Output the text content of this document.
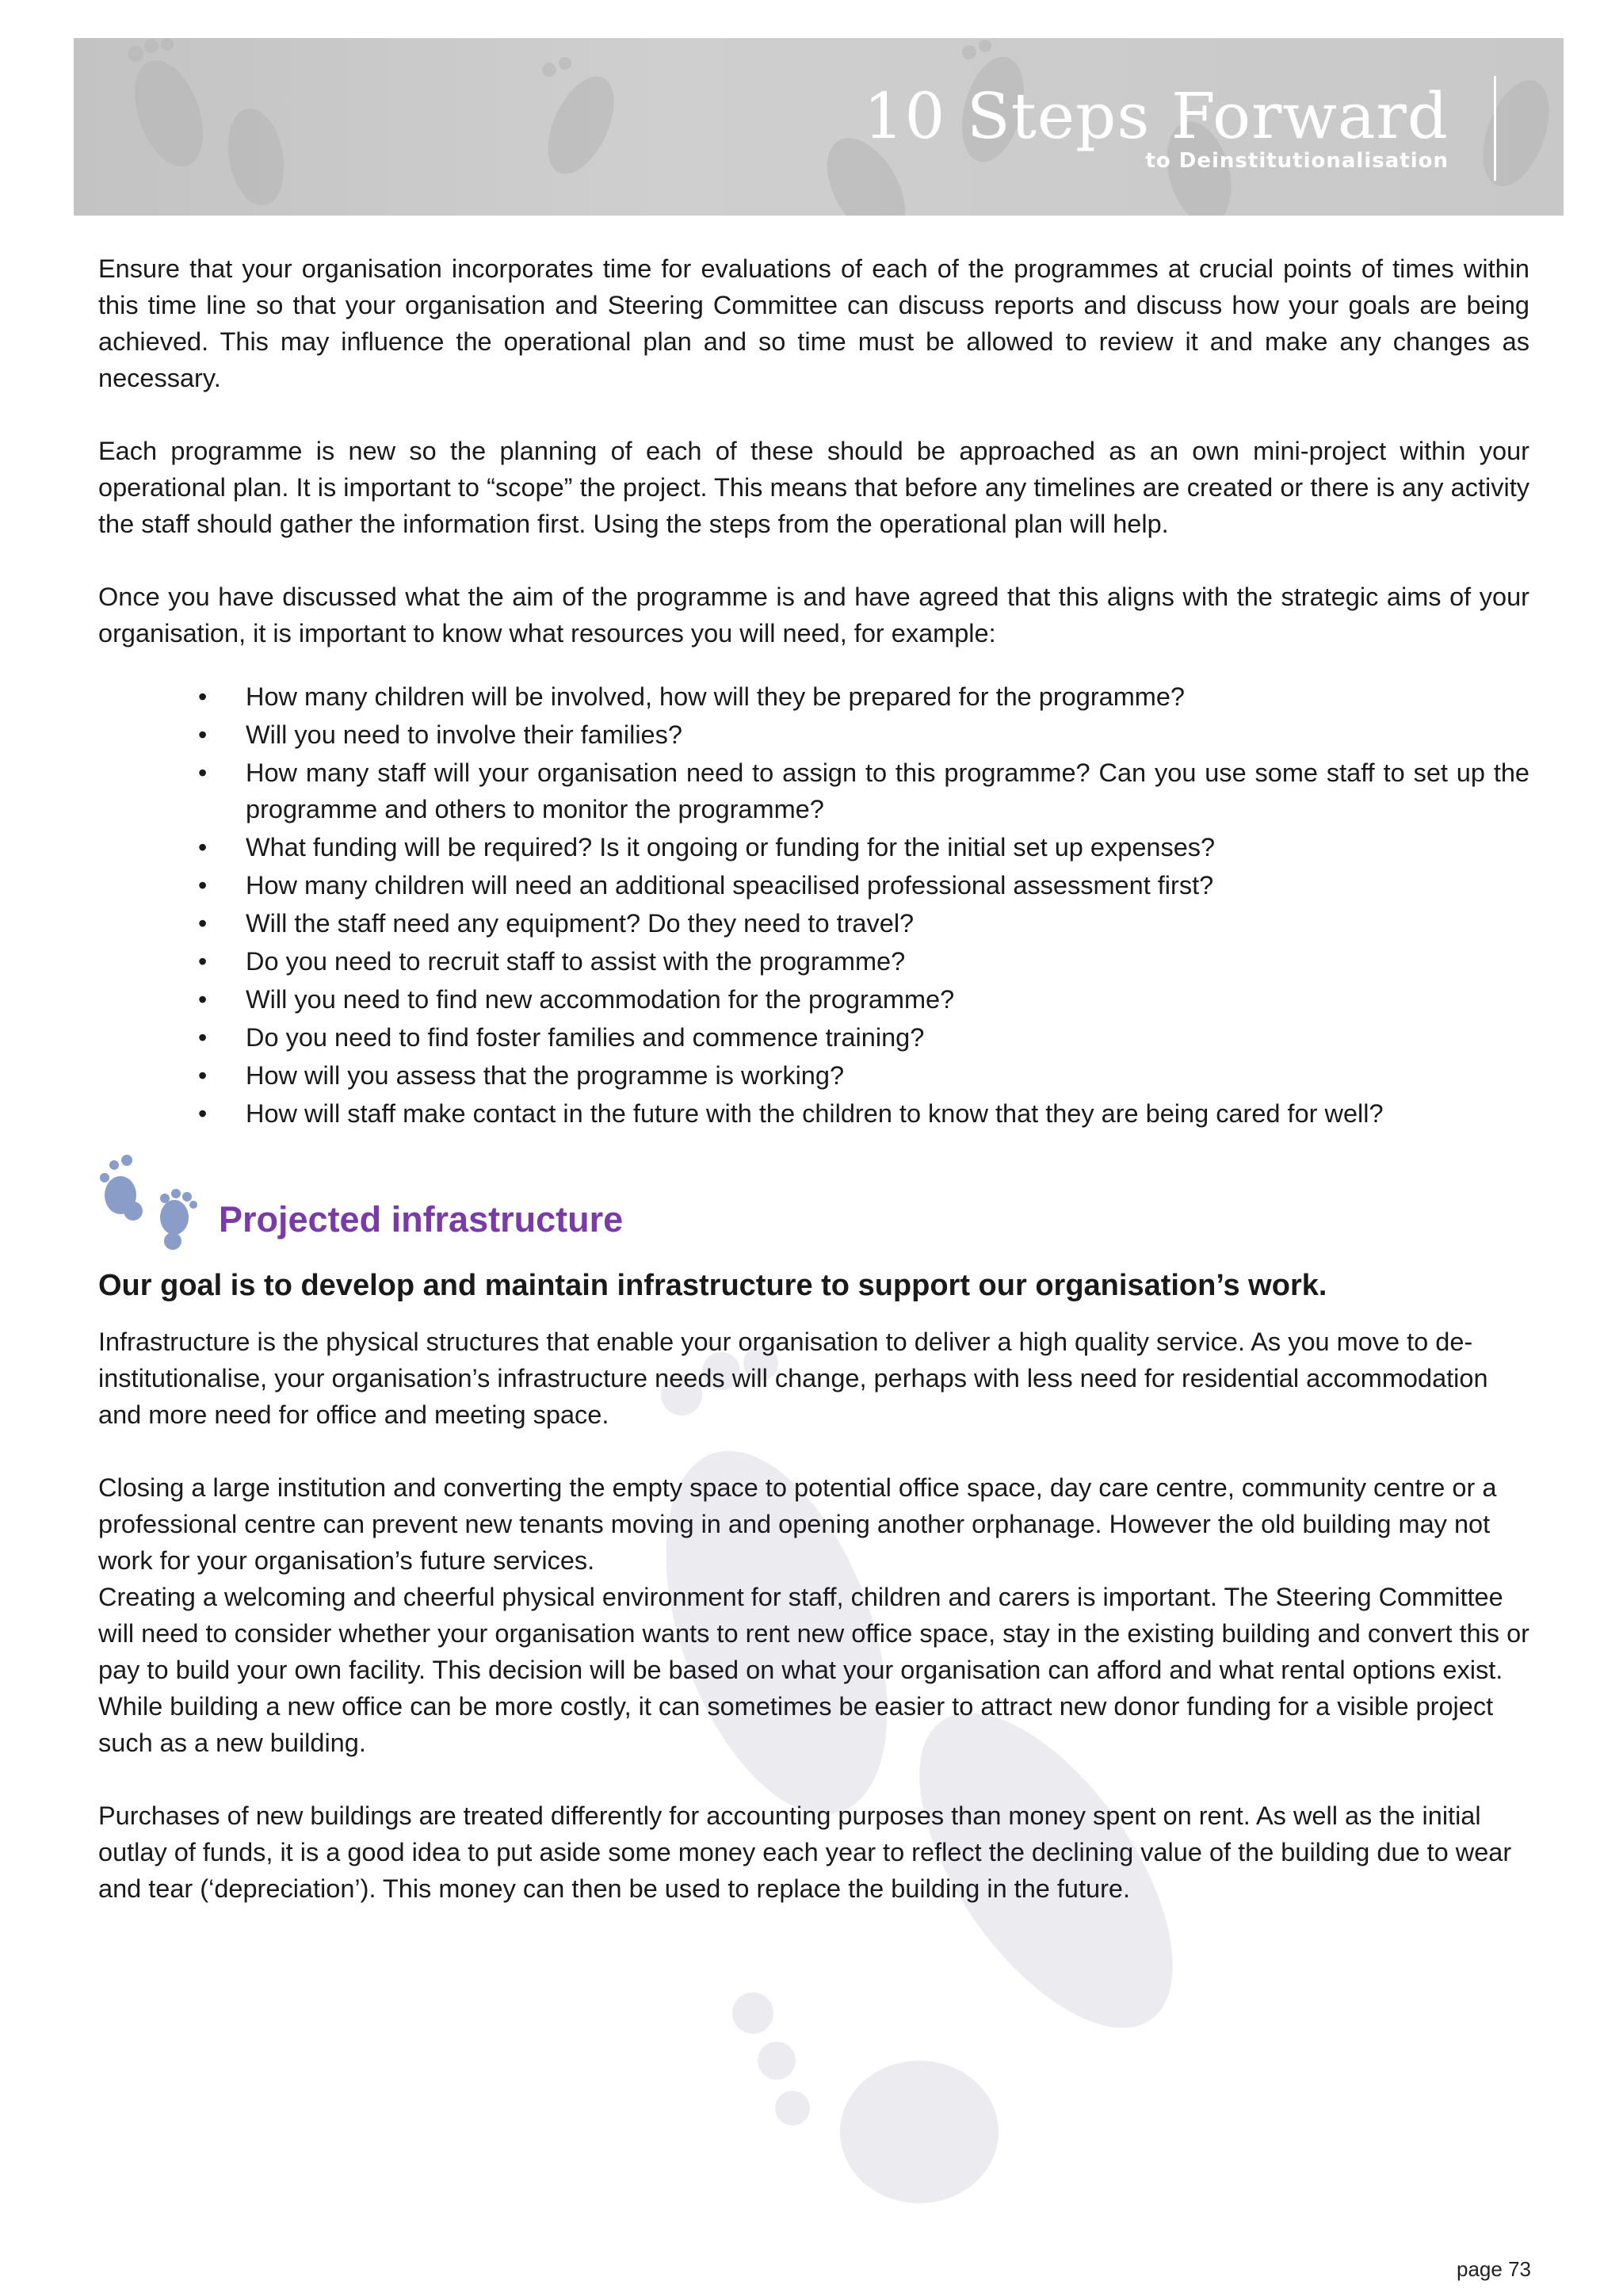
10 Steps Forward
to Deinstitutionalisation

Ensure that your organisation incorporates time for evaluations of each of the programmes at crucial points of times within this time line so that your organisation and Steering Committee can discuss reports and discuss how your goals are being achieved. This may influence the operational plan and so time must be allowed to review it and make any changes as necessary.

Each programme is new so the planning of each of these should be approached as an own mini-project within your operational plan. It is important to “scope” the project. This means that before any timelines are created or there is any activity the staff should gather the information first. Using the steps from the operational plan will help.

Once you have discussed what the aim of the programme is and have agreed that this aligns with the strategic aims of your organisation, it is important to know what resources you will need, for example:

• How many children will be involved, how will they be prepared for the programme?
• Will you need to involve their families?
• How many staff will your organisation need to assign to this programme? Can you use some staff to set up the programme and others to monitor the programme?
• What funding will be required? Is it ongoing or funding for the initial set up expenses?
• How many children will need an additional speacilised professional assessment first?
• Will the staff need any equipment? Do they need to travel?
• Do you need to recruit staff to assist with the programme?
• Will you need to find new accommodation for the programme?
• Do you need to find foster families and commence training?
• How will you assess that the programme is working?
• How will staff make contact in the future with the children to know that they are being cared for well?
Projected infrastructure
Our goal is to develop and maintain infrastructure to support our organisation’s work.

Infrastructure is the physical structures that enable your organisation to deliver a high quality service. As you move to de-institutionalise, your organisation’s infrastructure needs will change, perhaps with less need for residential accommodation and more need for office and meeting space.

Closing a large institution and converting the empty space to potential office space, day care centre, community centre or a professional centre can prevent new tenants moving in and opening another orphanage. However the old building may not work for your organisation’s future services.

Creating a welcoming and cheerful physical environment for staff, children and carers is important. The Steering Committee will need to consider whether your organisation wants to rent new office space, stay in the existing building and convert this or pay to build your own facility. This decision will be based on what your organisation can afford and what rental options exist. While building a new office can be more costly, it can sometimes be easier to attract new donor funding for a visible project such as a new building.

Purchases of new buildings are treated differently for accounting purposes than money spent on rent. As well as the initial outlay of funds, it is a good idea to put aside some money each year to reflect the declining value of the building due to wear and tear (‘depreciation’). This money can then be used to replace the building in the future.

page 73
